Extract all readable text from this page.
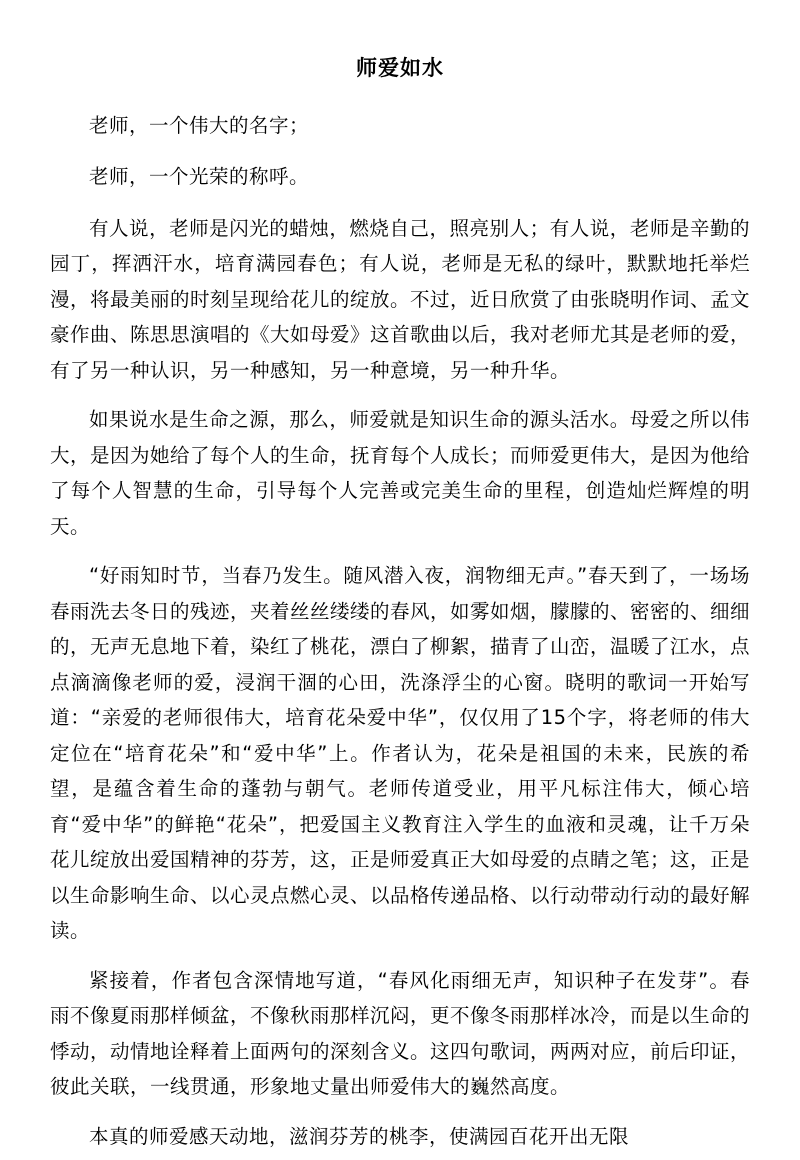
师爱如水

老师，一个伟大的名字；

老师，一个光荣的称呼。

有人说，老师是闪光的蜡烛，燃烧自己，照亮别人；有人说，老师是辛勤的园丁，挥洒汗水，培育满园春色；有人说，老师是无私的绿叶，默默地托举烂漫，将最美丽的时刻呈现给花儿的绽放。不过，近日欣赏了由张晓明作词、孟文豪作曲、陈思思演唱的《大如母爱》这首歌曲以后，我对老师尤其是老师的爱，有了另一种认识，另一种感知，另一种意境，另一种升华。

如果说水是生命之源，那么，师爱就是知识生命的源头活水。母爱之所以伟大，是因为她给了每个人的生命，抚育每个人成长；而师爱更伟大，是因为他给了每个人智慧的生命，引导每个人完善或完美生命的里程，创造灿烂辉煌的明天。

“好雨知时节，当春乃发生。随风潜入夜，润物细无声。”春天到了，一场场春雨洗去冬日的残迹，夹着丝丝缕缕的春风，如雾如烟，朦朦的、密密的、细细的，无声无息地下着，染红了桃花，漂白了柳絮，描青了山峦，温暖了江水，点点滴滴像老师的爱，浸润干涸的心田，洗涤浮尘的心窗。晓明的歌词一开始写道：“亲爱的老师很伟大，培育花朵爱中华”，仅仅用了15个字，将老师的伟大定位在“培育花朵”和“爱中华”上。作者认为，花朵是祖国的未来，民族的希望，是蕴含着生命的蓬勃与朝气。老师传道受业，用平凡标注伟大，倾心培育“爱中华”的鲜艳“花朵”，把爱国主义教育注入学生的血液和灵魂，让千万朵花儿绽放出爱国精神的芬芳，这，正是师爱真正大如母爱的点睛之笔；这，正是以生命影响生命、以心灵点燃心灵、以品格传递品格、以行动带动行动的最好解读。

紧接着，作者包含深情地写道，“春风化雨细无声，知识种子在发芽”。春雨不像夏雨那样倾盆，不像秋雨那样沉闷，更不像冬雨那样冰冷，而是以生命的悸动，动情地诠释着上面两句的深刻含义。这四句歌词，两两对应，前后印证，彼此关联，一线贯通，形象地丈量出师爱伟大的巍然高度。

本真的师爱感天动地，滋润芬芳的桃李，使满园百花开出无限
